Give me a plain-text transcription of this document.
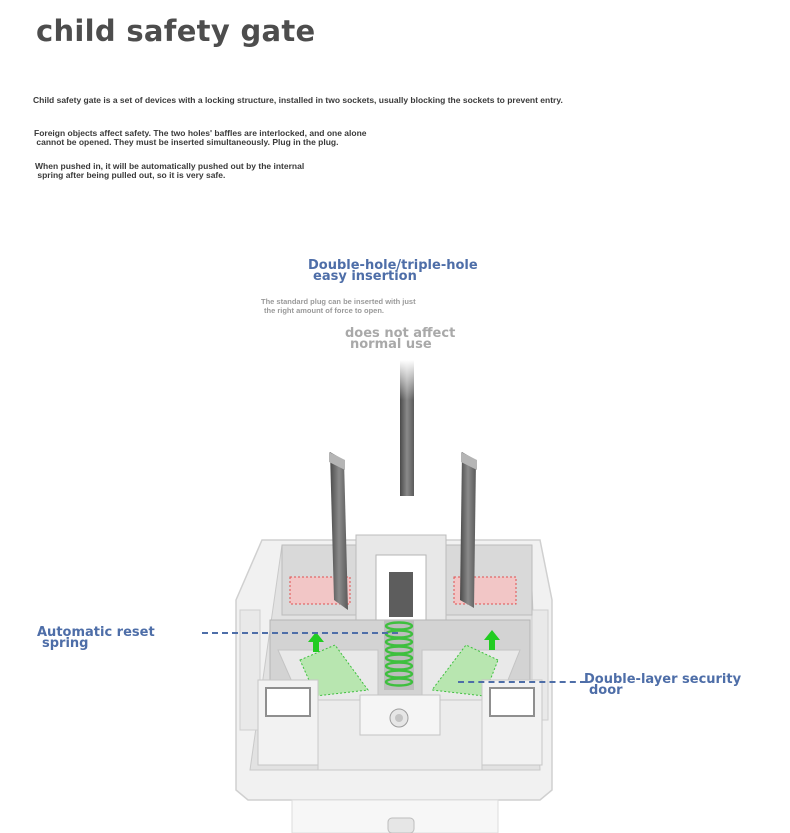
child safety gate
Child safety gate is a set of devices with a locking structure, installed in two sockets, usually blocking the sockets to prevent entry.
Foreign objects affect safety. The two holes' baffles are interlocked, and one alone
cannot be opened. They must be inserted simultaneously. Plug in the plug.
When pushed in, it will be automatically pushed out by the internal
spring after being pulled out, so it is very safe.
Double-hole/triple-hole
easy insertion
The standard plug can be inserted with just
the right amount of force to open.
does not affect
normal use
Automatic reset
spring
Double-layer security
door
